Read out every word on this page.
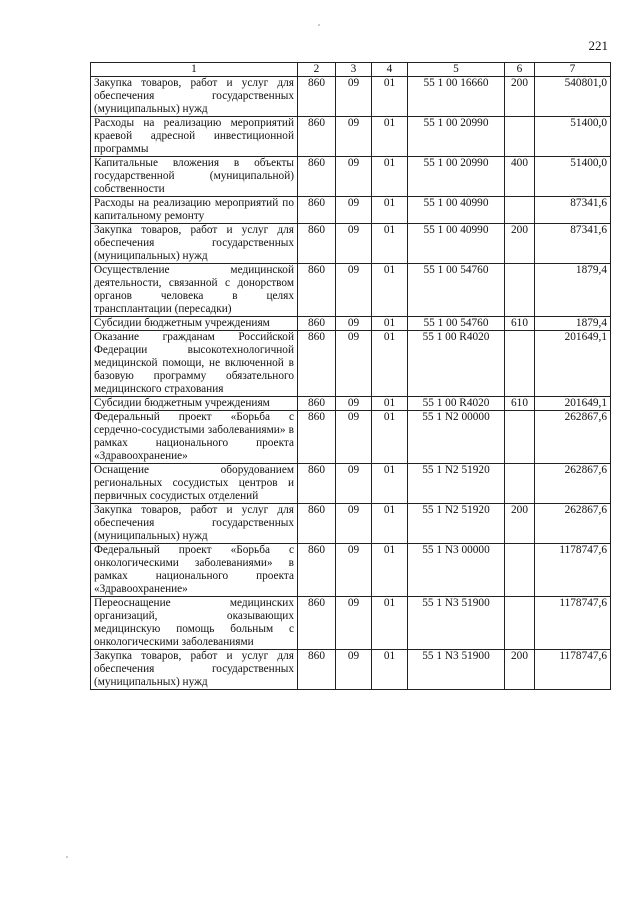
221
1	2	3	4	5	6	7
Закупка товаров, работ и услуг для обеспечения государственных (муниципальных) нужд	860	09	01	55 1 00 16660	200	540801,0
Расходы на реализацию мероприятий краевой адресной инвестиционной программы	860	09	01	55 1 00 20990		51400,0
Капитальные вложения в объекты государственной (муниципальной) собственности	860	09	01	55 1 00 20990	400	51400,0
Расходы на реализацию мероприятий по капитальному ремонту	860	09	01	55 1 00 40990		87341,6
Закупка товаров, работ и услуг для обеспечения государственных (муниципальных) нужд	860	09	01	55 1 00 40990	200	87341,6
Осуществление медицинской деятельности, связанной с донорством органов человека в целях трансплантации (пересадки)	860	09	01	55 1 00 54760		1879,4
Субсидии бюджетным учреждениям	860	09	01	55 1 00 54760	610	1879,4
Оказание гражданам Российской Федерации высокотехнологичной медицинской помощи, не включенной в базовую программу обязательного медицинского страхования	860	09	01	55 1 00 R4020		201649,1
Субсидии бюджетным учреждениям	860	09	01	55 1 00 R4020	610	201649,1
Федеральный проект «Борьба с сердечно-сосудистыми заболеваниями» в рамках национального проекта «Здравоохранение»	860	09	01	55 1 N2 00000		262867,6
Оснащение оборудованием региональных сосудистых центров и первичных сосудистых отделений	860	09	01	55 1 N2 51920		262867,6
Закупка товаров, работ и услуг для обеспечения государственных (муниципальных) нужд	860	09	01	55 1 N2 51920	200	262867,6
Федеральный проект «Борьба с онкологическими заболеваниями» в рамках национального проекта «Здравоохранение»	860	09	01	55 1 N3 00000		1178747,6
Переоснащение медицинских организаций, оказывающих медицинскую помощь больным с онкологическими заболеваниями	860	09	01	55 1 N3 51900		1178747,6
Закупка товаров, работ и услуг для обеспечения государственных (муниципальных) нужд	860	09	01	55 1 N3 51900	200	1178747,6
